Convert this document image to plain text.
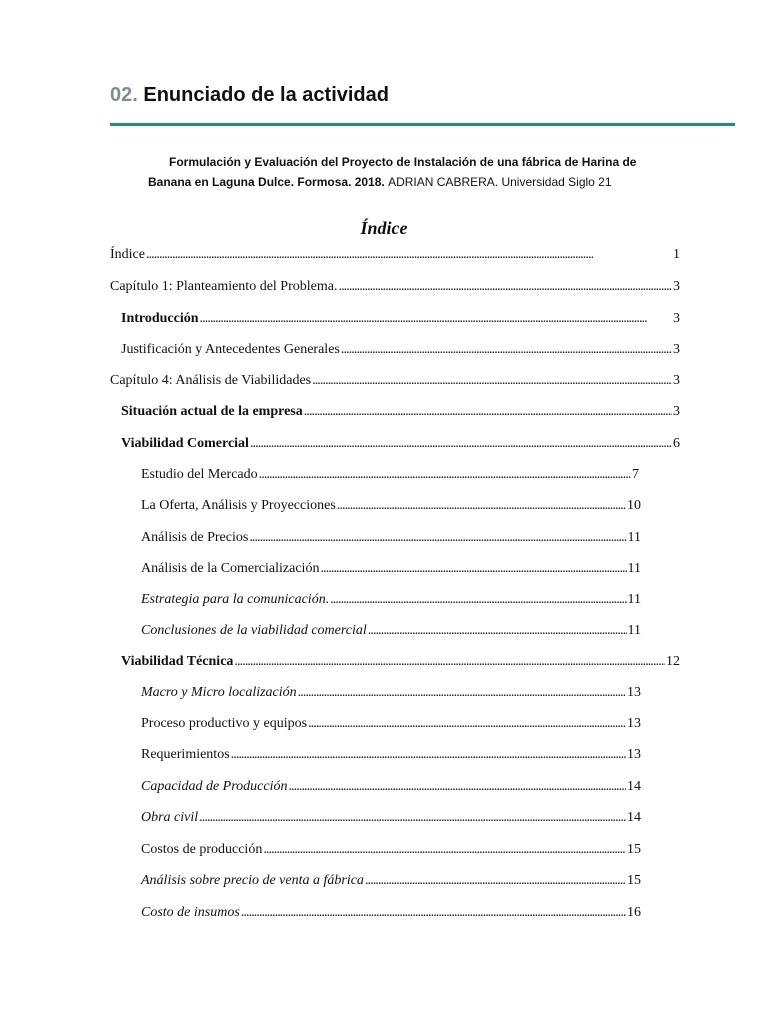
02. Enunciado de la actividad
Formulación y Evaluación del Proyecto de Instalación de una fábrica de Harina de
Banana en Laguna Dulce. Formosa. 2018. ADRIAN CABRERA. Universidad Siglo 21
Índice
Índice . . .	1
Capítulo 1: Planteamiento del Problema. . . .	3
Introducción . . .	3
Justificación y Antecedentes Generales . . .	3
Capítulo 4: Análisis de Viabilidades . . .	3
Situación actual de la empresa . . .	3
Viabilidad Comercial . . .	6
Estudio del Mercado . . .	7
La Oferta, Análisis y Proyecciones . . .	10
Análisis de Precios . . .	11
Análisis de la Comercialización . . .	11
Estrategia para la comunicación. . . .	11
Conclusiones de la viabilidad comercial . . .	11
Viabilidad Técnica . . .	12
Macro y Micro localización . . .	13
Proceso productivo y equipos . . .	13
Requerimientos . . .	13
Capacidad de Producción . . .	14
Obra civil . . .	14
Costos de producción . . .	15
Análisis sobre precio de venta a fábrica . . .	15
Costo de insumos . . .	16
